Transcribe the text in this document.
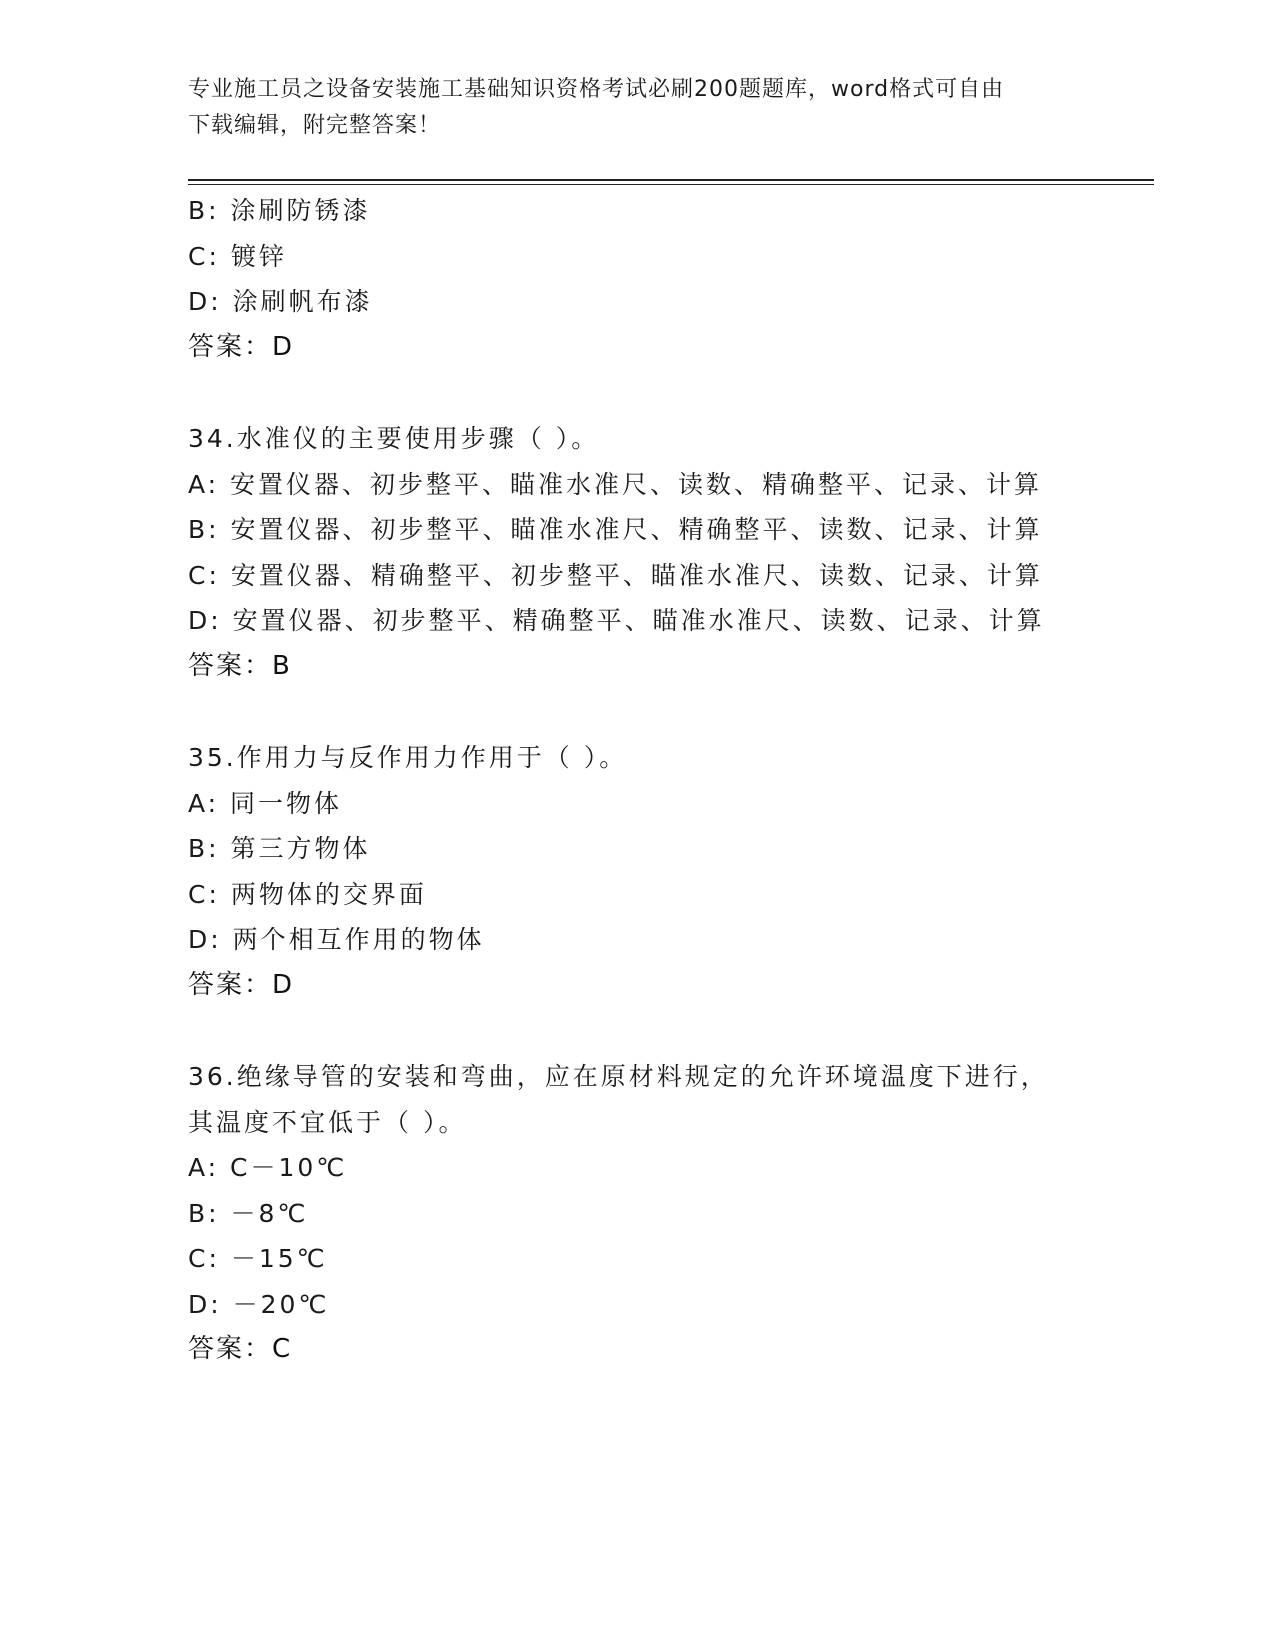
专业施工员之设备安装施工基础知识资格考试必刷200题题库，word格式可自由
下载编辑，附完整答案！
B: 涂刷防锈漆
C: 镀锌
D: 涂刷帆布漆
答案：D
34.水准仪的主要使用步骤（ ）。
A: 安置仪器、初步整平、瞄准水准尺、读数、精确整平、记录、计算
B: 安置仪器、初步整平、瞄准水准尺、精确整平、读数、记录、计算
C: 安置仪器、精确整平、初步整平、瞄准水准尺、读数、记录、计算
D: 安置仪器、初步整平、精确整平、瞄准水准尺、读数、记录、计算
答案：B
35.作用力与反作用力作用于（ ）。
A: 同一物体
B: 第三方物体
C: 两物体的交界面
D: 两个相互作用的物体
答案：D
36.绝缘导管的安装和弯曲，应在原材料规定的允许环境温度下进行，
其温度不宜低于（ ）。
A: C－10℃
B: －8℃
C: －15℃
D: －20℃
答案：C
